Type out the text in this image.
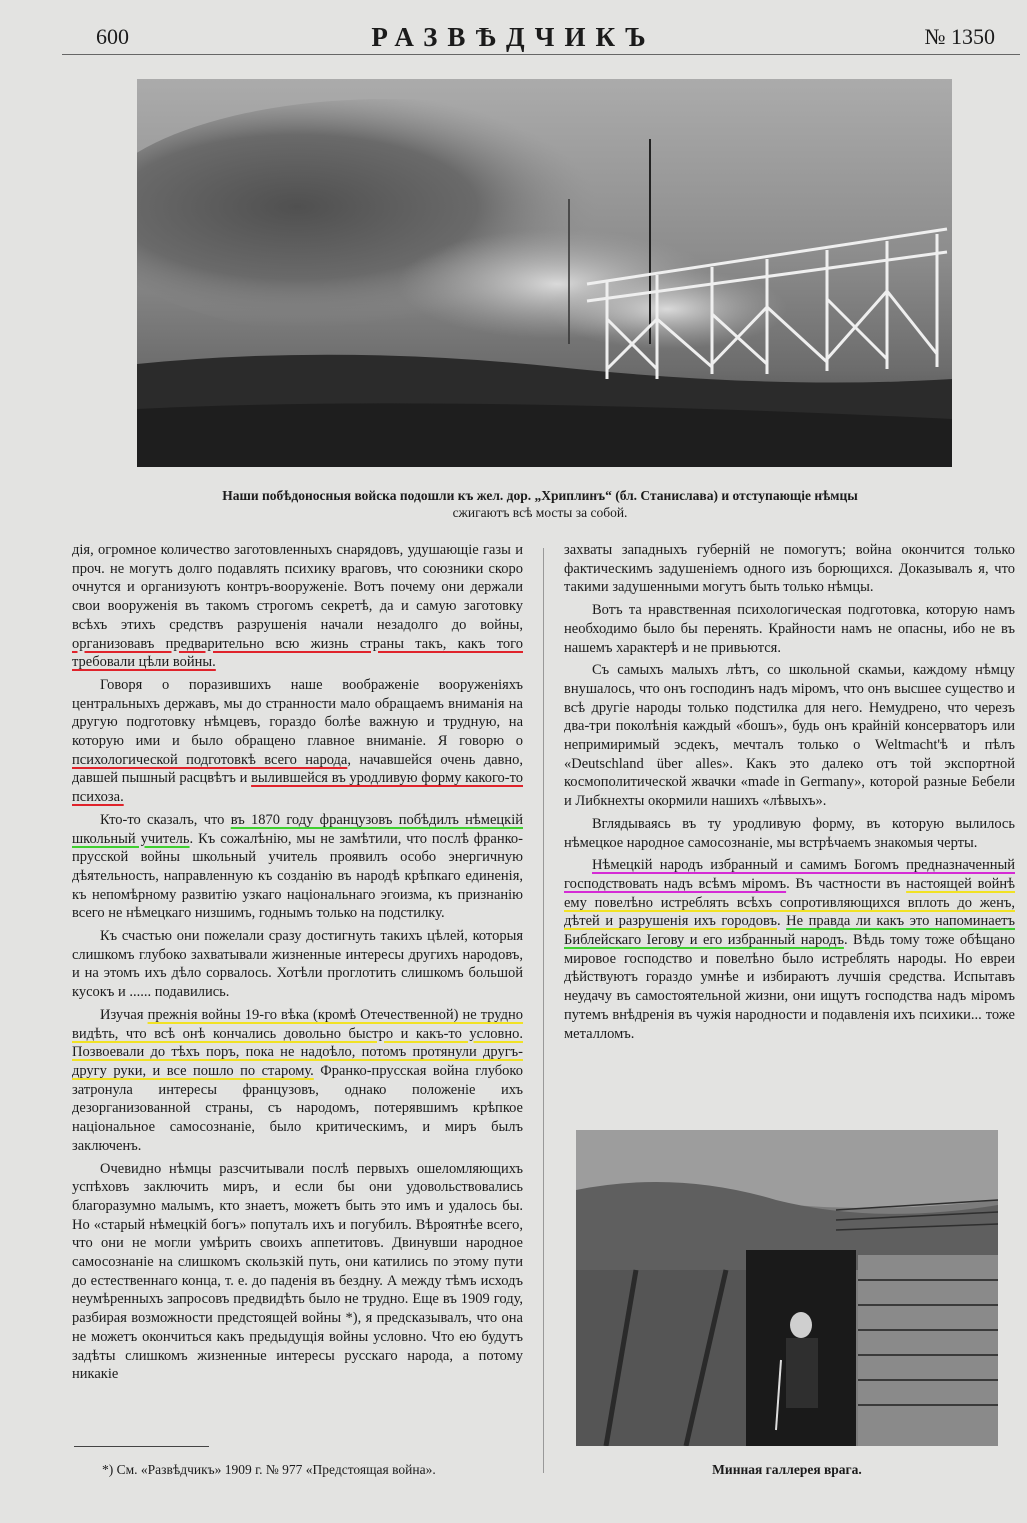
600	РАЗВѢДЧИКЪ	№ 1350
Наши побѣдоносныя войска подошли къ жел. дор. „Хриплинъ“ (бл. Станислава) и отступающіе нѣмцы
сжигаютъ всѣ мосты за собой.

дія, огромное количество заготовленныхъ снарядовъ, удушающіе газы и проч. не могутъ долго подавлять психику враговъ, что союзники скоро очнутся и организуютъ контръ-вооруженіе. Вотъ почему они держали свои вооруженія въ такомъ строгомъ секретѣ, да и самую заготовку всѣхъ этихъ средствъ разрушенія начали незадолго до войны, организовавъ предварительно всю жизнь страны такъ, какъ того требовали цѣли войны.

Говоря о поразившихъ наше воображеніе вооруженіяхъ центральныхъ державъ, мы до странности мало обращаемъ вниманія на другую подготовку нѣмцевъ, гораздо болѣе важную и трудную, на которую ими и было обращено главное вниманіе. Я говорю о психологической подготовкѣ всего народа, начавшейся очень давно, давшей пышный расцвѣтъ и вылившейся въ уродливую форму какого-то психоза.

Кто-то сказалъ, что въ 1870 году французовъ побѣдилъ нѣмецкій школьный учитель. Къ сожалѣнію, мы не замѣтили, что послѣ франко-прусской войны школьный учитель проявилъ особо энергичную дѣятельность, направленную къ созданію въ народѣ крѣпкаго единенія, къ непомѣрному развитію узкаго національнаго эгоизма, къ признанію всего не нѣмецкаго низшимъ, годнымъ только на подстилку.

Къ счастью они пожелали сразу достигнуть такихъ цѣлей, которыя слишкомъ глубоко захватывали жизненные интересы другихъ народовъ, и на этомъ ихъ дѣло сорвалось. Хотѣли проглотить слишкомъ большой кусокъ и ...... подавились.

Изучая прежнія войны 19-го вѣка (кромѣ Отечественной) не трудно видѣть, что всѣ онѣ кончались довольно быстро и какъ-то условно. Позвоевали до тѣхъ поръ, пока не надоѣло, потомъ протянули другъ-другу руки, и все пошло по старому. Франко-прусская война глубоко затронула интересы французовъ, однако положеніе ихъ дезорганизованной страны, съ народомъ, потерявшимъ крѣпкое національное самосознаніе, было критическимъ, и миръ былъ заключенъ.

Очевидно нѣмцы разсчитывали послѣ первыхъ ошеломляющихъ успѣховъ заключить миръ, и если бы они удовольствовались благоразумно малымъ, кто знаетъ, можетъ быть это имъ и удалось бы. Но «старый нѣмецкій богъ» попуталъ ихъ и погубилъ. Вѣроятнѣе всего, что они не могли умѣрить своихъ аппетитовъ. Двинувши народное самосознаніе на слишкомъ скользкій путь, они катились по этому пути до естественнаго конца, т. е. до паденія въ бездну. А между тѣмъ исходъ неумѣренныхъ запросовъ предвидѣть было не трудно. Еще въ 1909 году, разбирая возможности предстоящей войны *), я предсказывалъ, что она не можетъ окончиться какъ предыдущія войны условно. Что ею будутъ задѣты слишкомъ жизненные интересы русскаго народа, а потому никакіе

захваты западныхъ губерній не помогутъ; война окончится только фактическимъ задушеніемъ одного изъ борющихся. Доказывалъ я, что такими задушенными могутъ быть только нѣмцы.

Вотъ та нравственная психологическая подготовка, которую намъ необходимо было бы перенять. Крайности намъ не опасны, ибо не въ нашемъ характерѣ и не привьются.

Съ самыхъ малыхъ лѣтъ, со школьной скамьи, каждому нѣмцу внушалось, что онъ господинъ надъ міромъ, что онъ высшее существо и всѣ другіе народы только подстилка для него. Немудрено, что черезъ два-три поколѣнія каждый «бошъ», будь онъ крайній консерваторъ или непримиримый эсдекъ, мечталъ только о Weltmacht'ѣ и пѣлъ «Deutschland über alles». Какъ это далеко отъ той экспортной космополитической жвачки «made in Germany», которой разные Бебели и Либкнехты окормили нашихъ «лѣвыхъ».

Вглядываясь въ ту уродливую форму, въ которую вылилось нѣмецкое народное самосознаніе, мы встрѣчаемъ знакомыя черты.

Нѣмецкій народъ избранный и самимъ Богомъ предназначенный господствовать надъ всѣмъ міромъ. Въ частности въ настоящей войнѣ ему повелѣно истреблять всѣхъ сопротивляющихся вплоть до женъ, дѣтей и разрушенія ихъ городовъ. Не правда ли какъ это напоминаетъ Библейскаго Іегову и его избранный народъ. Вѣдь тому тоже обѣщано мировое господство и повелѣно было истреблять народы. Но евреи дѣйствуютъ гораздо умнѣе и избираютъ лучшія средства. Испытавъ неудачу въ самостоятельной жизни, они ищутъ господства надъ міромъ путемъ внѣдренія въ чужія народности и подавленія ихъ психики... тоже металломъ.

Минная галлерея врага.
*) См. «Развѣдчикъ» 1909 г. № 977 «Предстоящая война».
